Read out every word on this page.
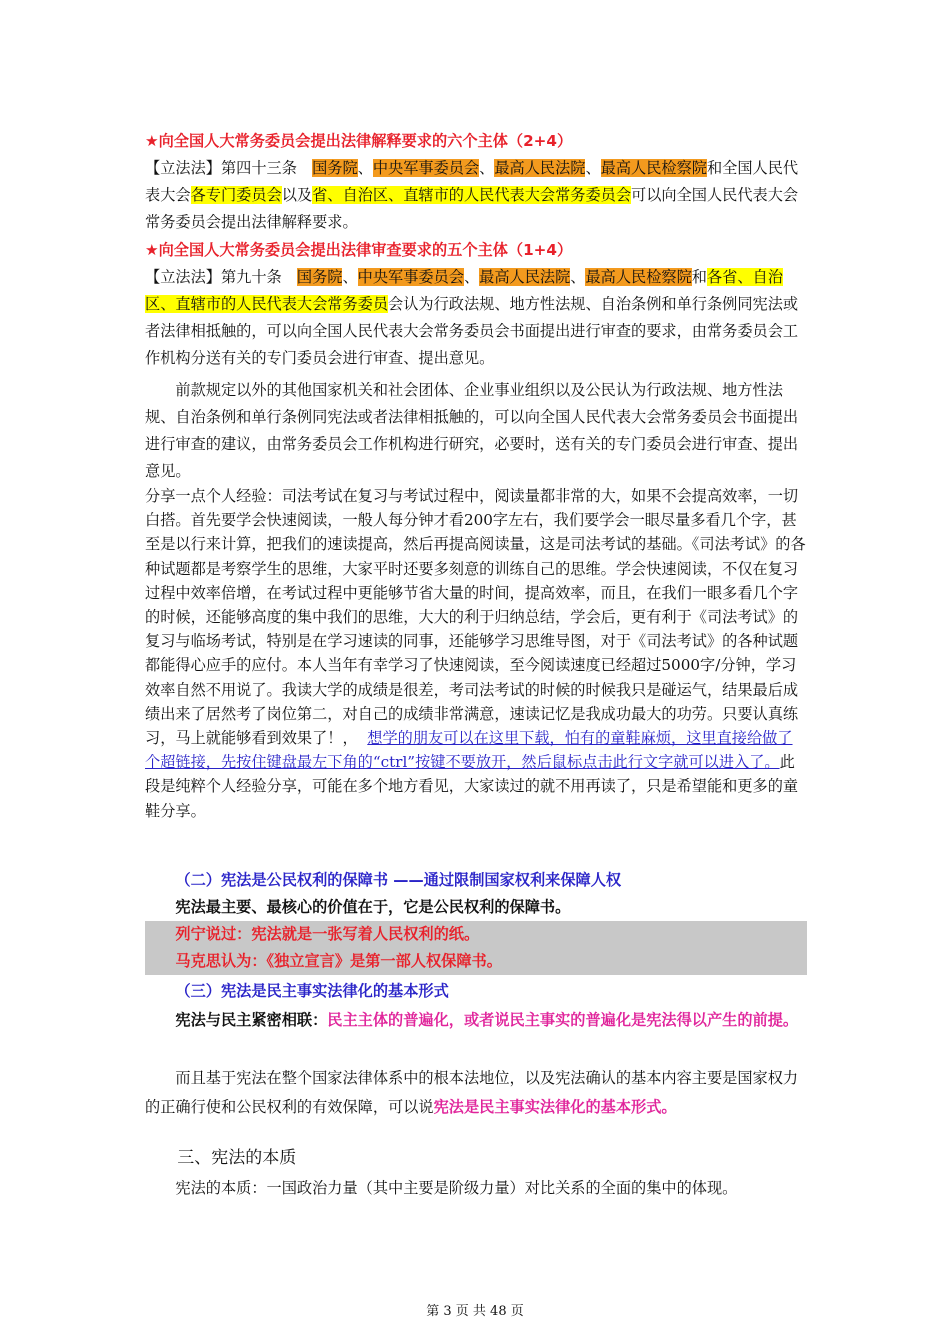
★向全国人大常务委员会提出法律解释要求的六个主体（2+4）

【立法法】第四十三条  国务院、中央军事委员会、最高人民法院、最高人民检察院和全国人民代表大会各专门委员会以及省、自治区、直辖市的人民代表大会常务委员会可以向全国人民代表大会常务委员会提出法律解释要求。

★向全国人大常务委员会提出法律审查要求的五个主体（1+4）

【立法法】第九十条  国务院、中央军事委员会、最高人民法院、最高人民检察院和各省、自治区、直辖市的人民代表大会常务委员会认为行政法规、地方性法规、自治条例和单行条例同宪法或者法律相抵触的，可以向全国人民代表大会常务委员会书面提出进行审查的要求，由常务委员会工作机构分送有关的专门委员会进行审查、提出意见。

前款规定以外的其他国家机关和社会团体、企业事业组织以及公民认为行政法规、地方性法规、自治条例和单行条例同宪法或者法律相抵触的，可以向全国人民代表大会常务委员会书面提出进行审查的建议，由常务委员会工作机构进行研究，必要时，送有关的专门委员会进行审查、提出意见。

分享一点个人经验：司法考试在复习与考试过程中，阅读量都非常的大，如果不会提高效率，一切白搭。首先要学会快速阅读，一般人每分钟才看200字左右，我们要学会一眼尽量多看几个字，甚至是以行来计算，把我们的速读提高，然后再提高阅读量，这是司法考试的基础。《司法考试》的各种试题都是考察学生的思维，大家平时还要多刻意的训练自己的思维。学会快速阅读，不仅在复习过程中效率倍增，在考试过程中更能够节省大量的时间，提高效率，而且，在我们一眼多看几个字的时候，还能够高度的集中我们的思维，大大的利于归纳总结，学会后，更有利于《司法考试》的复习与临场考试，特别是在学习速读的同事，还能够学习思维导图，对于《司法考试》的各种试题都能得心应手的应付。本人当年有幸学习了快速阅读，至今阅读速度已经超过5000字/分钟，学习效率自然不用说了。我读大学的成绩是很差，考司法考试的时候的时候我只是碰运气，结果最后成绩出来了居然考了岗位第二，对自己的成绩非常满意，速读记忆是我成功最大的功劳。只要认真练习，马上就能够看到效果了！， 想学的朋友可以在这里下载，怕有的童鞋麻烦，这里直接给做了个超链接，先按住键盘最左下角的“ctrl”按键不要放开，然后鼠标点击此行文字就可以进入了。此段是纯粹个人经验分享，可能在多个地方看见，大家读过的就不用再读了，只是希望能和更多的童鞋分享。

（二）宪法是公民权利的保障书 ——通过限制国家权利来保障人权

宪法最主要、最核心的价值在于，它是公民权利的保障书。

列宁说过：宪法就是一张写着人民权利的纸。

马克思认为：《独立宣言》是第一部人权保障书。

（三）宪法是民主事实法律化的基本形式

宪法与民主紧密相联：民主主体的普遍化，或者说民主事实的普遍化是宪法得以产生的前提。

而且基于宪法在整个国家法律体系中的根本法地位，以及宪法确认的基本内容主要是国家权力的正确行使和公民权利的有效保障，可以说宪法是民主事实法律化的基本形式。

三、宪法的本质

宪法的本质：一国政治力量（其中主要是阶级力量）对比关系的全面的集中的体现。

第 3 页 共 48 页
